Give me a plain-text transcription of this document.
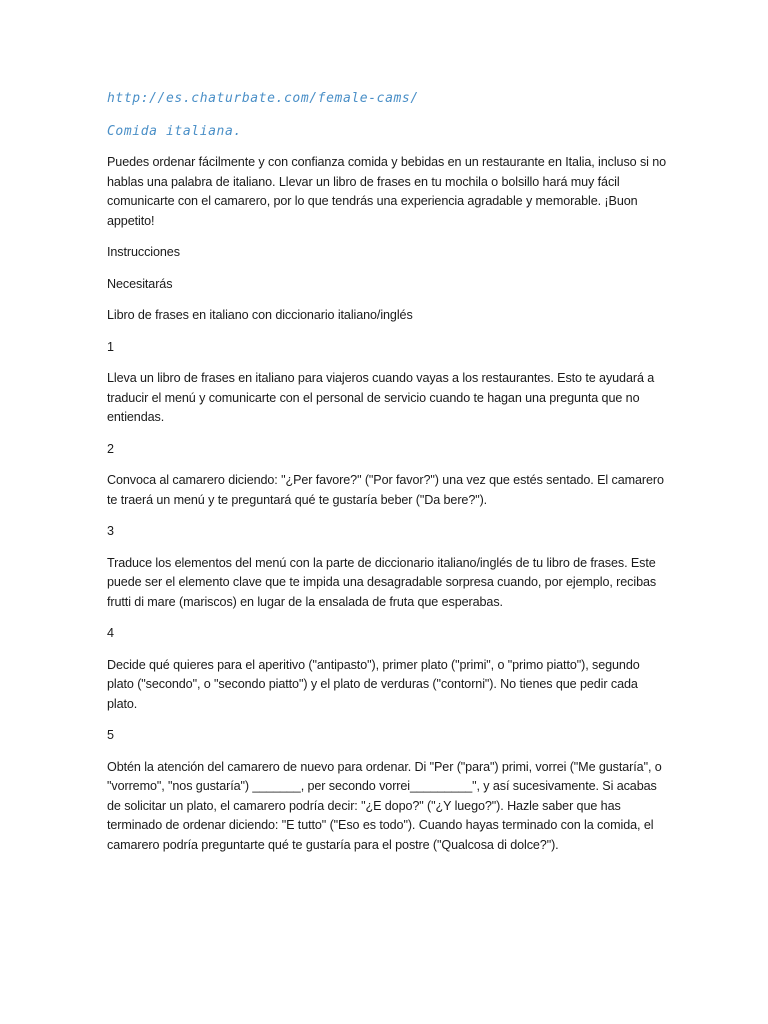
http://es.chaturbate.com/female-cams/

Comida italiana.

Puedes ordenar fácilmente y con confianza comida y bebidas en un restaurante en Italia, incluso si no hablas una palabra de italiano. Llevar un libro de frases en tu mochila o bolsillo hará muy fácil comunicarte con el camarero, por lo que tendrás una experiencia agradable y memorable. ¡Buon appetito!

Instrucciones

Necesitarás

Libro de frases en italiano con diccionario italiano/inglés

1

Lleva un libro de frases en italiano para viajeros cuando vayas a los restaurantes. Esto te ayudará a traducir el menú y comunicarte con el personal de servicio cuando te hagan una pregunta que no entiendas.

2

Convoca al camarero diciendo: "¿Per favore?" ("Por favor?") una vez que estés sentado. El camarero te traerá un menú y te preguntará qué te gustaría beber ("Da bere?").

3

Traduce los elementos del menú con la parte de diccionario italiano/inglés de tu libro de frases. Este puede ser el elemento clave que te impida una desagradable sorpresa cuando, por ejemplo, recibas frutti di mare (mariscos) en lugar de la ensalada de fruta que esperabas.

4

Decide qué quieres para el aperitivo ("antipasto"), primer plato ("primi", o "primo piatto"), segundo plato ("secondo", o "secondo piatto") y el plato de verduras ("contorni"). No tienes que pedir cada plato.

5

Obtén la atención del camarero de nuevo para ordenar. Di "Per ("para") primi, vorrei ("Me gustaría", o "vorremo", "nos gustaría") _______, per secondo vorrei_________", y así sucesivamente. Si acabas de solicitar un plato, el camarero podría decir: "¿E dopo?" ("¿Y luego?"). Hazle saber que has terminado de ordenar diciendo: "E tutto" ("Eso es todo"). Cuando hayas terminado con la comida, el camarero podría preguntarte qué te gustaría para el postre ("Qualcosa di dolce?").
